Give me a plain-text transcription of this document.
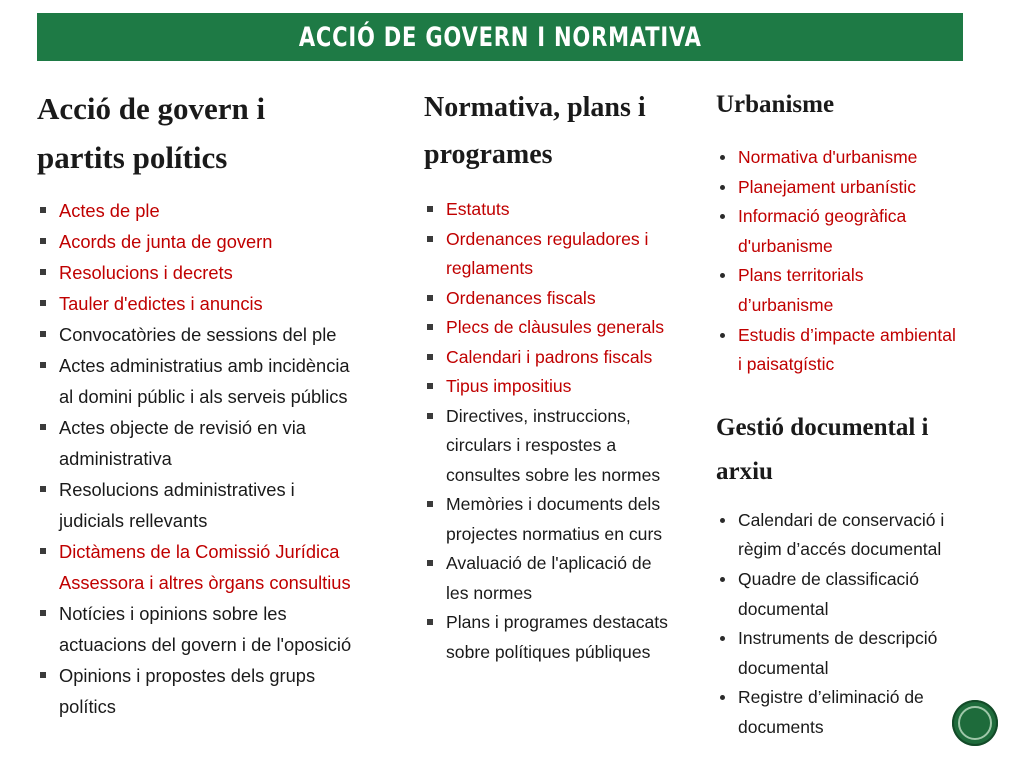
ACCIÓ DE GOVERN I NORMATIVA
Acció de govern i
partits polítics
Actes de ple
Acords de junta de govern
Resolucions i decrets
Tauler d'edictes i anuncis
Convocatòries de sessions del ple
Actes administratius amb incidència
al domini públic i als serveis públics
Actes objecte de revisió en via
administrativa
Resolucions administratives i
judicials rellevants
Dictàmens de la Comissió Jurídica
Assessora i altres òrgans consultius
Notícies i opinions sobre les
actuacions del govern i de l'oposició
Opinions i propostes dels grups
polítics
Normativa, plans i
programes
Estatuts
Ordenances reguladores i
reglaments
Ordenances fiscals
Plecs de clàusules generals
Calendari i padrons fiscals
Tipus impositius
Directives, instruccions,
circulars i respostes a
consultes sobre les normes
Memòries i documents dels
projectes normatius en curs
Avaluació de l'aplicació de
les normes
Plans i programes destacats
sobre polítiques públiques
Urbanisme
Normativa d'urbanisme
Planejament urbanístic
Informació geogràfica
d'urbanisme
Plans territorials
d’urbanisme
Estudis d’impacte ambiental
i paisatgístic
Gestió documental i
arxiu
Calendari de conservació i
règim d’accés documental
Quadre de classificació
documental
Instruments de descripció
documental
Registre d’eliminació de
documents
